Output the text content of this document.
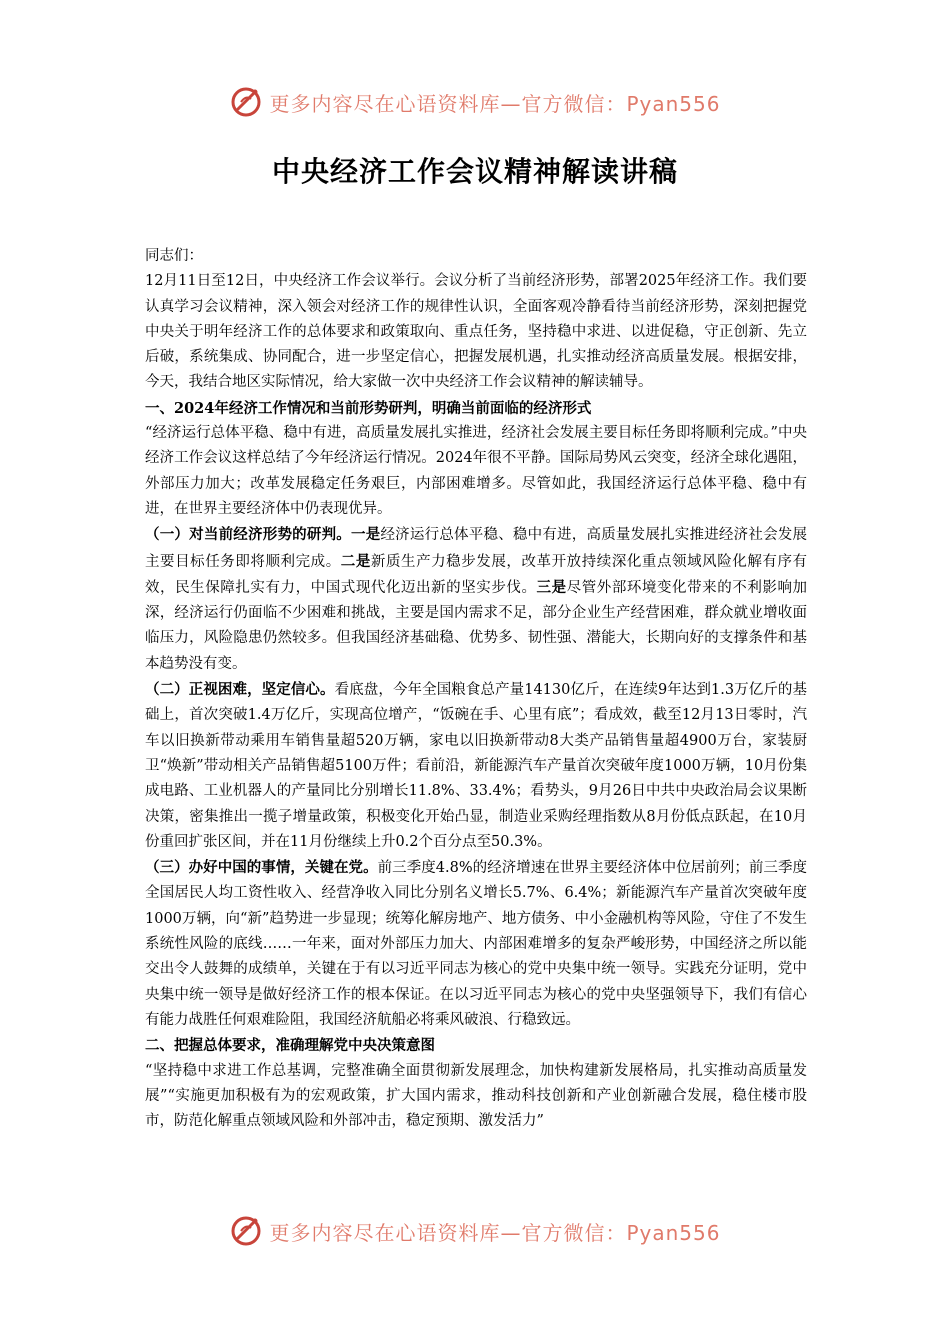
更多内容尽在心语资料库—官方微信：Pyan556
中央经济工作会议精神解读讲稿

同志们：

12月11日至12日，中央经济工作会议举行。会议分析了当前经济形势，部署2025年经济工作。我们要认真学习会议精神，深入领会对经济工作的规律性认识，全面客观冷静看待当前经济形势，深刻把握党中央关于明年经济工作的总体要求和政策取向、重点任务，坚持稳中求进、以进促稳，守正创新、先立后破，系统集成、协同配合，进一步坚定信心，把握发展机遇，扎实推动经济高质量发展。根据安排，今天，我结合地区实际情况，给大家做一次中央经济工作会议精神的解读辅导。

一、2024年经济工作情况和当前形势研判，明确当前面临的经济形式

“经济运行总体平稳、稳中有进，高质量发展扎实推进，经济社会发展主要目标任务即将顺利完成。”中央经济工作会议这样总结了今年经济运行情况。2024年很不平静。国际局势风云突变，经济全球化遇阻，外部压力加大；改革发展稳定任务艰巨，内部困难增多。尽管如此，我国经济运行总体平稳、稳中有进，在世界主要经济体中仍表现优异。

（一）对当前经济形势的研判。一是经济运行总体平稳、稳中有进，高质量发展扎实推进经济社会发展主要目标任务即将顺利完成。二是新质生产力稳步发展，改革开放持续深化重点领域风险化解有序有效，民生保障扎实有力，中国式现代化迈出新的坚实步伐。三是尽管外部环境变化带来的不利影响加深，经济运行仍面临不少困难和挑战，主要是国内需求不足，部分企业生产经营困难，群众就业增收面临压力，风险隐患仍然较多。但我国经济基础稳、优势多、韧性强、潜能大，长期向好的支撑条件和基本趋势没有变。

（二）正视困难，坚定信心。看底盘，今年全国粮食总产量14130亿斤，在连续9年达到1.3万亿斤的基础上，首次突破1.4万亿斤，实现高位增产，“饭碗在手、心里有底”；看成效，截至12月13日零时，汽车以旧换新带动乘用车销售量超520万辆，家电以旧换新带动8大类产品销售量超4900万台，家装厨卫“焕新”带动相关产品销售超5100万件；看前沿，新能源汽车产量首次突破年度1000万辆，10月份集成电路、工业机器人的产量同比分别增长11.8%、33.4%；看势头，9月26日中共中央政治局会议果断决策，密集推出一揽子增量政策，积极变化开始凸显，制造业采购经理指数从8月份低点跃起，在10月份重回扩张区间，并在11月份继续上升0.2个百分点至50.3%。

（三）办好中国的事情，关键在党。前三季度4.8%的经济增速在世界主要经济体中位居前列；前三季度全国居民人均工资性收入、经营净收入同比分别名义增长5.7%、6.4%；新能源汽车产量首次突破年度1000万辆，向“新”趋势进一步显现；统筹化解房地产、地方债务、中小金融机构等风险，守住了不发生系统性风险的底线……一年来，面对外部压力加大、内部困难增多的复杂严峻形势，中国经济之所以能交出令人鼓舞的成绩单，关键在于有以习近平同志为核心的党中央集中统一领导。实践充分证明，党中央集中统一领导是做好经济工作的根本保证。在以习近平同志为核心的党中央坚强领导下，我们有信心有能力战胜任何艰难险阻，我国经济航船必将乘风破浪、行稳致远。

二、把握总体要求，准确理解党中央决策意图

“坚持稳中求进工作总基调，完整准确全面贯彻新发展理念，加快构建新发展格局，扎实推动高质量发展”“实施更加积极有为的宏观政策，扩大国内需求，推动科技创新和产业创新融合发展，稳住楼市股市，防范化解重点领域风险和外部冲击，稳定预期、激发活力”

更多内容尽在心语资料库—官方微信：Pyan556
